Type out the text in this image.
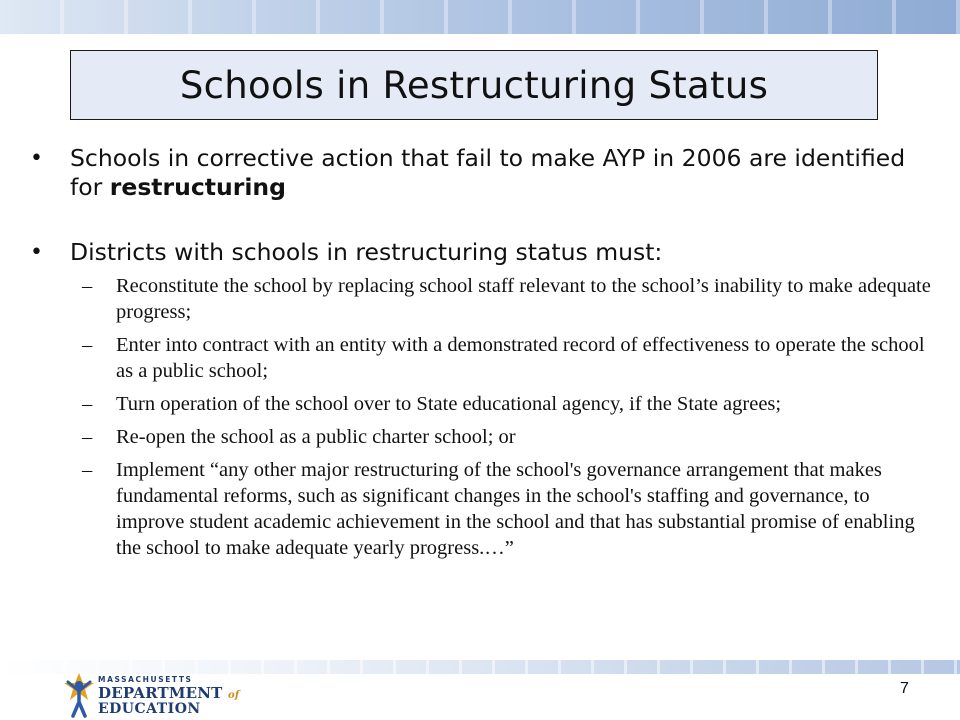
Schools in Restructuring Status
•	Schools in corrective action that fail to make AYP in 2006 are identified for restructuring
•	Districts with schools in restructuring status must:
–	Reconstitute the school by replacing school staff relevant to the school’s inability to make adequate progress;
–	Enter into contract with an entity with a demonstrated record of effectiveness to operate the school as a public school;
–	Turn operation of the school over to State educational agency, if the State agrees;
–	Re-open the school as a public charter school; or
–	Implement “any other major restructuring of the school's governance arrangement that makes fundamental reforms, such as significant changes in the school's staffing and governance, to improve student academic achievement in the school and that has substantial promise of enabling the school to make adequate yearly progress.…”
MASSACHUSETTS
DEPARTMENT of
EDUCATION
7
